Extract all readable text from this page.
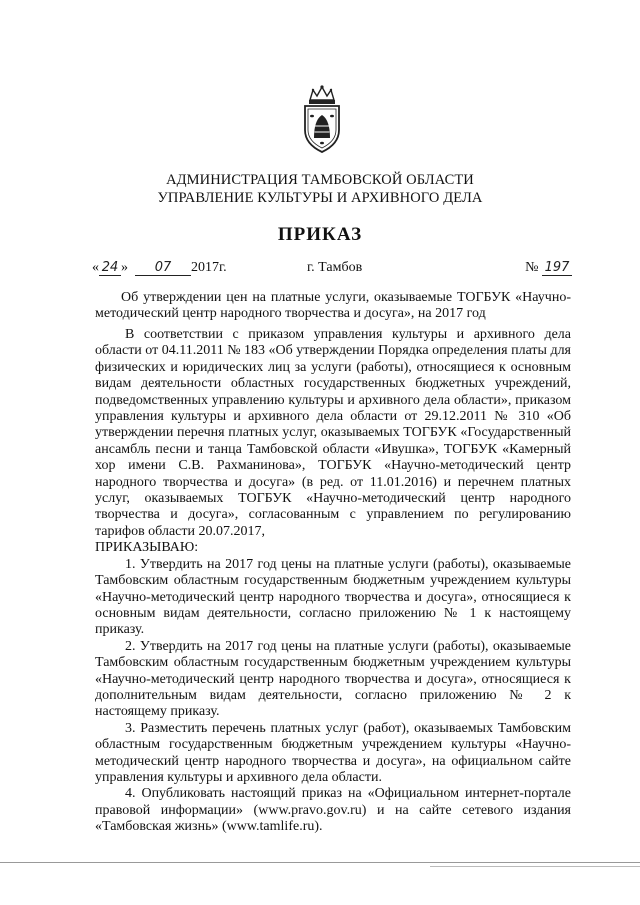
АДМИНИСТРАЦИЯ ТАМБОВСКОЙ ОБЛАСТИ
УПРАВЛЕНИЕ КУЛЬТУРЫ И АРХИВНОГО ДЕЛА
ПРИКАЗ
« 24 » 07 2017г.	г. Тамбов	№ 197
Об утверждении цен на платные услуги, оказываемые ТОГБУК «Научно-методический центр народного творчества и досуга», на 2017 год

В соответствии с приказом управления культуры и архивного дела области от 04.11.2011 № 183 «Об утверждении Порядка определения платы для физических и юридических лиц за услуги (работы), относящиеся к основным видам деятельности областных государственных бюджетных учреждений, подведомственных управлению культуры и архивного дела области», приказом управления культуры и архивного дела области от 29.12.2011 № 310 «Об утверждении перечня платных услуг, оказываемых ТОГБУК «Государственный ансамбль песни и танца Тамбовской области «Ивушка», ТОГБУК «Камерный хор имени С.В. Рахманинова», ТОГБУК «Научно-методический центр народного творчества и досуга» (в ред. от 11.01.2016) и перечнем платных услуг, оказываемых ТОГБУК «Научно-методический центр народного творчества и досуга», согласованным с управлением по регулированию тарифов области 20.07.2017,

ПРИКАЗЫВАЮ:

1. Утвердить на 2017 год цены на платные услуги (работы), оказываемые Тамбовским областным государственным бюджетным учреждением культуры «Научно-методический центр народного творчества и досуга», относящиеся к основным видам деятельности, согласно приложению № 1 к настоящему приказу.

2. Утвердить на 2017 год цены на платные услуги (работы), оказываемые Тамбовским областным государственным бюджетным учреждением культуры «Научно-методический центр народного творчества и досуга», относящиеся к дополнительным видам деятельности, согласно приложению № 2 к настоящему приказу.

3. Разместить перечень платных услуг (работ), оказываемых Тамбовским областным государственным бюджетным учреждением культуры «Научно-методический центр народного творчества и досуга», на официальном сайте управления культуры и архивного дела области.

4. Опубликовать настоящий приказ на «Официальном интернет-портале правовой информации» (www.pravo.gov.ru) и на сайте сетевого издания «Тамбовская жизнь» (www.tamlife.ru).
